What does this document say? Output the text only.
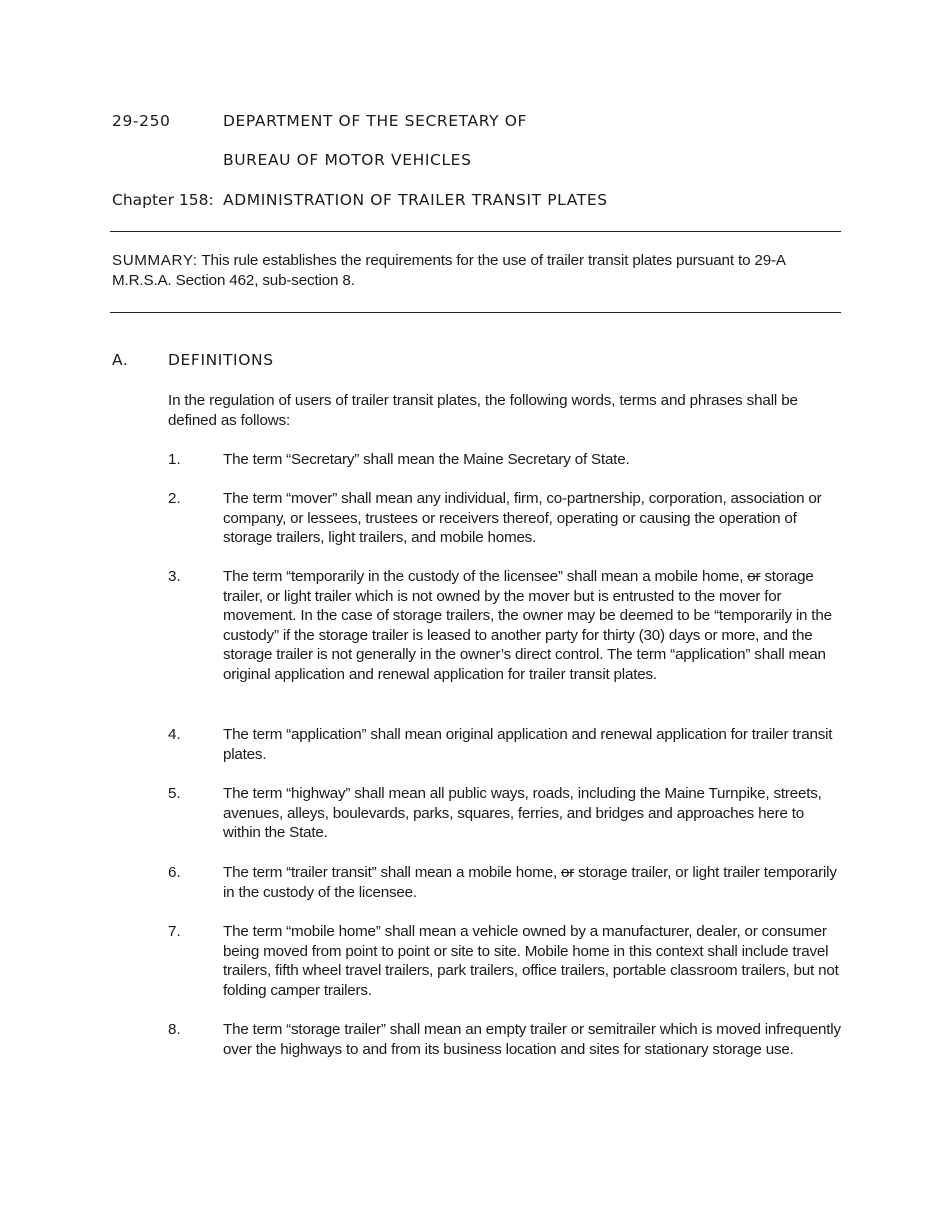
29-250	DEPARTMENT OF THE SECRETARY OF
BUREAU OF MOTOR VEHICLES
Chapter 158: ADMINISTRATION OF TRAILER TRANSIT PLATES
SUMMARY: This rule establishes the requirements for the use of trailer transit plates pursuant to 29-A M.R.S.A. Section 462, sub-section 8.
A.	DEFINITIONS
In the regulation of users of trailer transit plates, the following words, terms and phrases shall be defined as follows:
1.	The term “Secretary” shall mean the Maine Secretary of State.
2.	The term “mover” shall mean any individual, firm, co-partnership, corporation, association or company, or lessees, trustees or receivers thereof, operating or causing the operation of storage trailers, light trailers, and mobile homes.
3.	The term “temporarily in the custody of the licensee” shall mean a mobile home, or storage trailer, or light trailer which is not owned by the mover but is entrusted to the mover for movement. In the case of storage trailers, the owner may be deemed to be “temporarily in the custody” if the storage trailer is leased to another party for thirty (30) days or more, and the storage trailer is not generally in the owner’s direct control. The term “application” shall mean original application and renewal application for trailer transit plates.
4.	The term “application” shall mean original application and renewal application for trailer transit plates.
5.	The term “highway” shall mean all public ways, roads, including the Maine Turnpike, streets, avenues, alleys, boulevards, parks, squares, ferries, and bridges and approaches here to within the State.
6.	The term “trailer transit” shall mean a mobile home, or storage trailer, or light trailer temporarily in the custody of the licensee.
7.	The term “mobile home” shall mean a vehicle owned by a manufacturer, dealer, or consumer being moved from point to point or site to site. Mobile home in this context shall include travel trailers, fifth wheel travel trailers, park trailers, office trailers, portable classroom trailers, but not folding camper trailers.
8.	The term “storage trailer” shall mean an empty trailer or semitrailer which is moved infrequently over the highways to and from its business location and sites for stationary storage use.
